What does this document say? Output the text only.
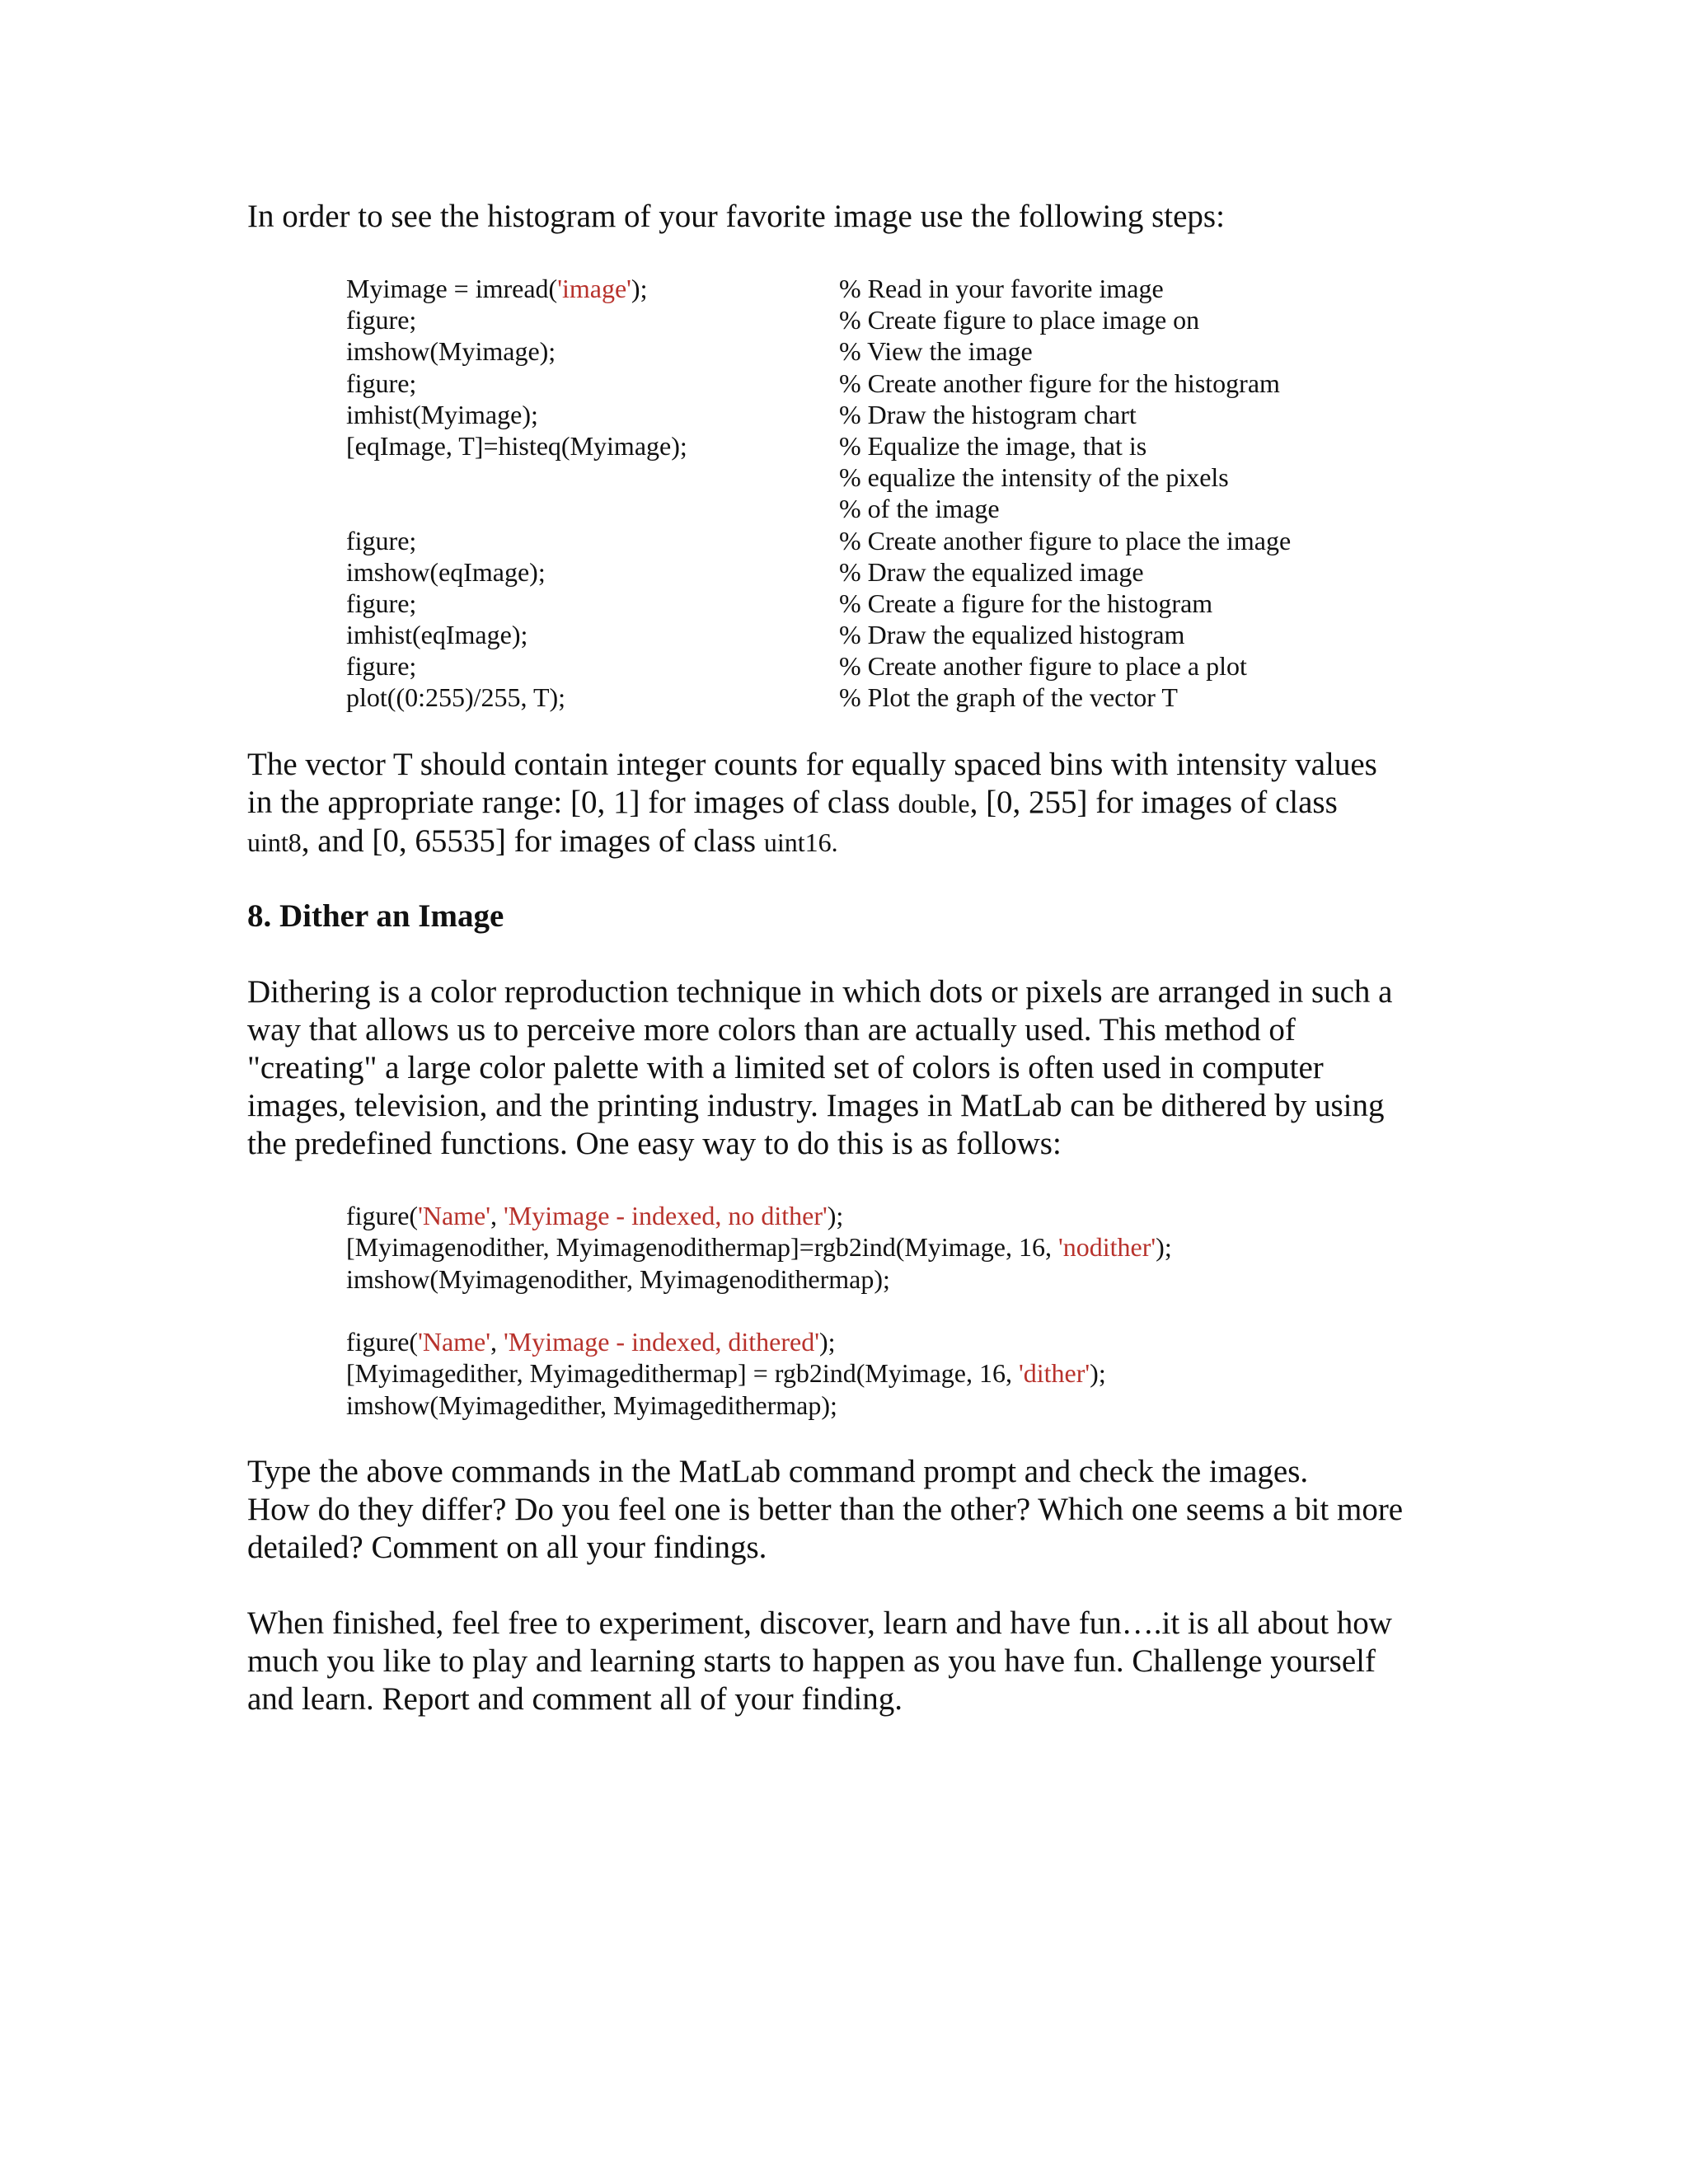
In order to see the histogram of your favorite image use the following steps:

Myimage = imread('image');	% Read in your favorite image
figure;	% Create figure to place image on
imshow(Myimage);	% View the image
figure;	% Create another figure for the histogram
imhist(Myimage);	% Draw the histogram chart
[eqImage, T]=histeq(Myimage);	% Equalize the image, that is
% equalize the intensity of the pixels
% of the image
figure;	% Create another figure to place the image
imshow(eqImage);	% Draw the equalized image
figure;	% Create a figure for the histogram
imhist(eqImage);	% Draw the equalized histogram
figure;	% Create another figure to place a plot
plot((0:255)/255, T);	% Plot the graph of the vector T

The vector T should contain integer counts for equally spaced bins with intensity values
in the appropriate range: [0, 1] for images of class double, [0, 255] for images of class
uint8, and [0, 65535] for images of class uint16.

8. Dither an Image

Dithering is a color reproduction technique in which dots or pixels are arranged in such a
way that allows us to perceive more colors than are actually used. This method of
"creating" a large color palette with a limited set of colors is often used in computer
images, television, and the printing industry. Images in MatLab can be dithered by using
the predefined functions. One easy way to do this is as follows:

figure('Name', 'Myimage - indexed, no dither');
[Myimagenodither, Myimagenodithermap]=rgb2ind(Myimage, 16, 'nodither');
imshow(Myimagenodither, Myimagenodithermap);
figure('Name', 'Myimage - indexed, dithered');
[Myimagedither, Myimagedithermap] = rgb2ind(Myimage, 16, 'dither');
imshow(Myimagedither, Myimagedithermap);

Type the above commands in the MatLab command prompt and check the images.
How do they differ? Do you feel one is better than the other? Which one seems a bit more
detailed? Comment on all your findings.

When finished, feel free to experiment, discover, learn and have fun….it is all about how
much you like to play and learning starts to happen as you have fun. Challenge yourself
and learn. Report and comment all of your finding.
